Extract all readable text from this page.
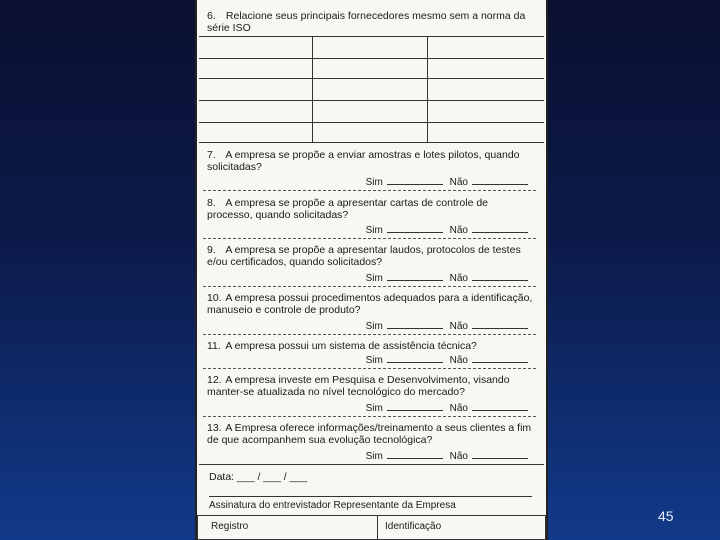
6. Relacione seus principais fornecedores mesmo sem a norma da série ISO
7. A empresa se propõe a enviar amostras e lotes pilotos, quando solicitadas?
Sim	Não
8. A empresa se propõe a apresentar cartas de controle de processo, quando solicitadas?
Sim	Não
9. A empresa se propõe a apresentar laudos, protocolos de testes e/ou certificados, quando solicitados?
Sim	Não
10. A empresa possui procedimentos adequados para a identificação, manuseio e controle de produto?
Sim	Não
11. A empresa possui um sistema de assistência técnica?
Sim	Não
12. A empresa investe em Pesquisa e Desenvolvimento, visando manter-se atualizada no nível tecnológico do mercado?
Sim	Não
13. A Empresa oferece informações/treinamento a seus clientes a fim de que acompanhem sua evolução tecnológica?
Sim	Não
Data: ___ / ___ / ___
Assinatura do entrevistador Representante da Empresa
Registro	Identificação
45
